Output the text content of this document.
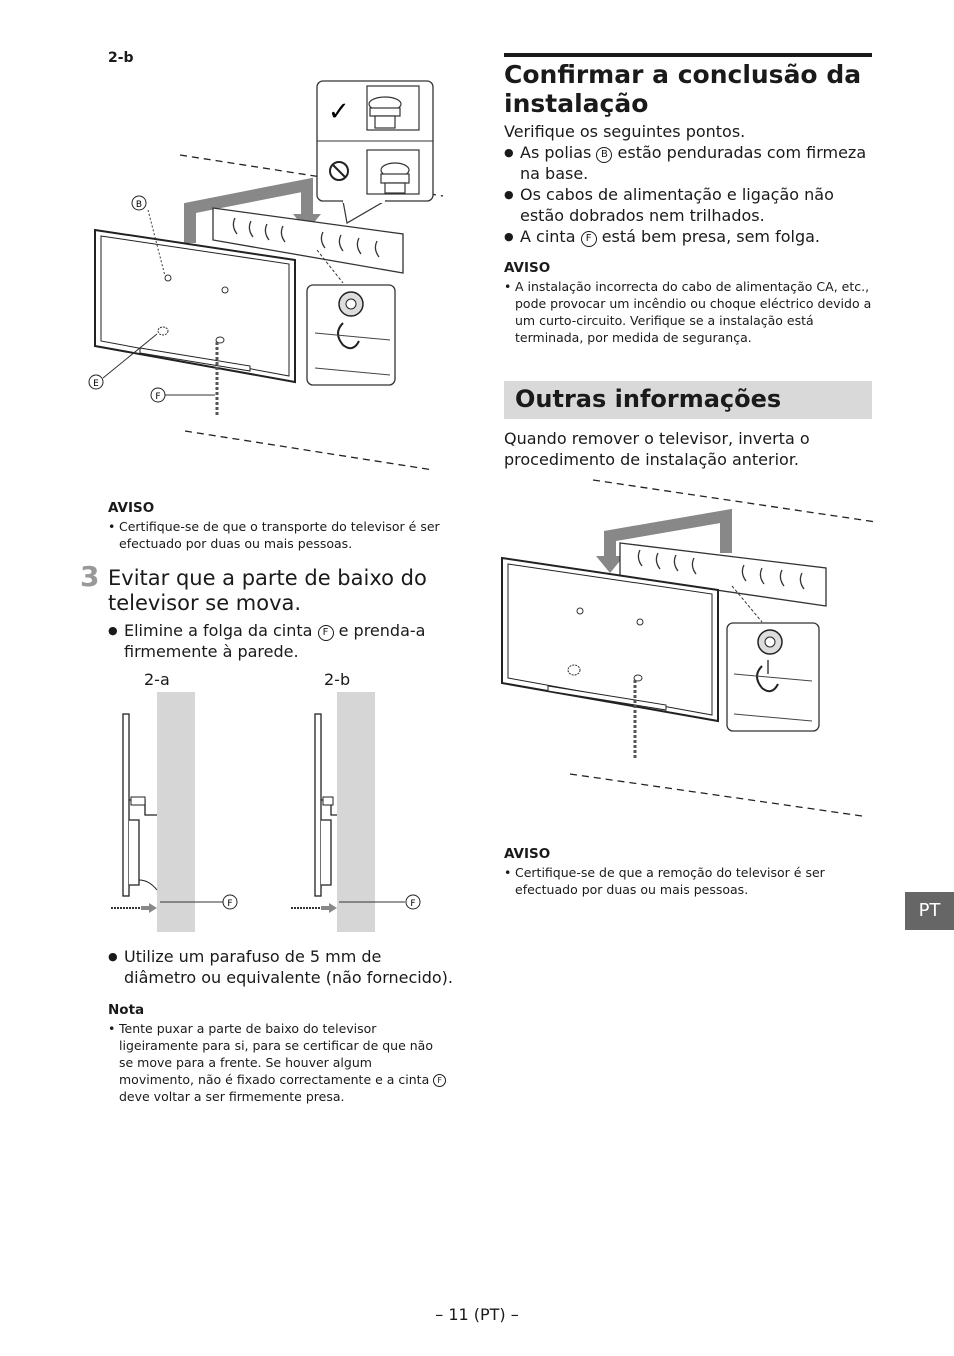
2-b
✓
B
E
F
AVISO
• Certifique-se de que o transporte do televisor é ser efectuado por duas ou mais pessoas.
3 Evitar que a parte de baixo do televisor se mova.
● Elimine a folga da cinta F e prenda-a firmemente à parede.
2-a	2-b
F	F
● Utilize um parafuso de 5 mm de diâmetro ou equivalente (não fornecido).
Nota
• Tente puxar a parte de baixo do televisor ligeiramente para si, para se certificar de que não se move para a frente. Se houver algum movimento, não é fixado correctamente e a cinta F deve voltar a ser firmemente presa.
Confirmar a conclusão da instalação
Verifique os seguintes pontos.
● As polias B estão penduradas com firmeza na base.
● Os cabos de alimentação e ligação não estão dobrados nem trilhados.
● A cinta F está bem presa, sem folga.
AVISO
• A instalação incorrecta do cabo de alimentação CA, etc., pode provocar um incêndio ou choque eléctrico devido a um curto-circuito. Verifique se a instalação está terminada, por medida de segurança.
Outras informações
Quando remover o televisor, inverta o procedimento de instalação anterior.
AVISO
• Certifique-se de que a remoção do televisor é ser efectuado por duas ou mais pessoas.
PT
– 11 (PT) –
